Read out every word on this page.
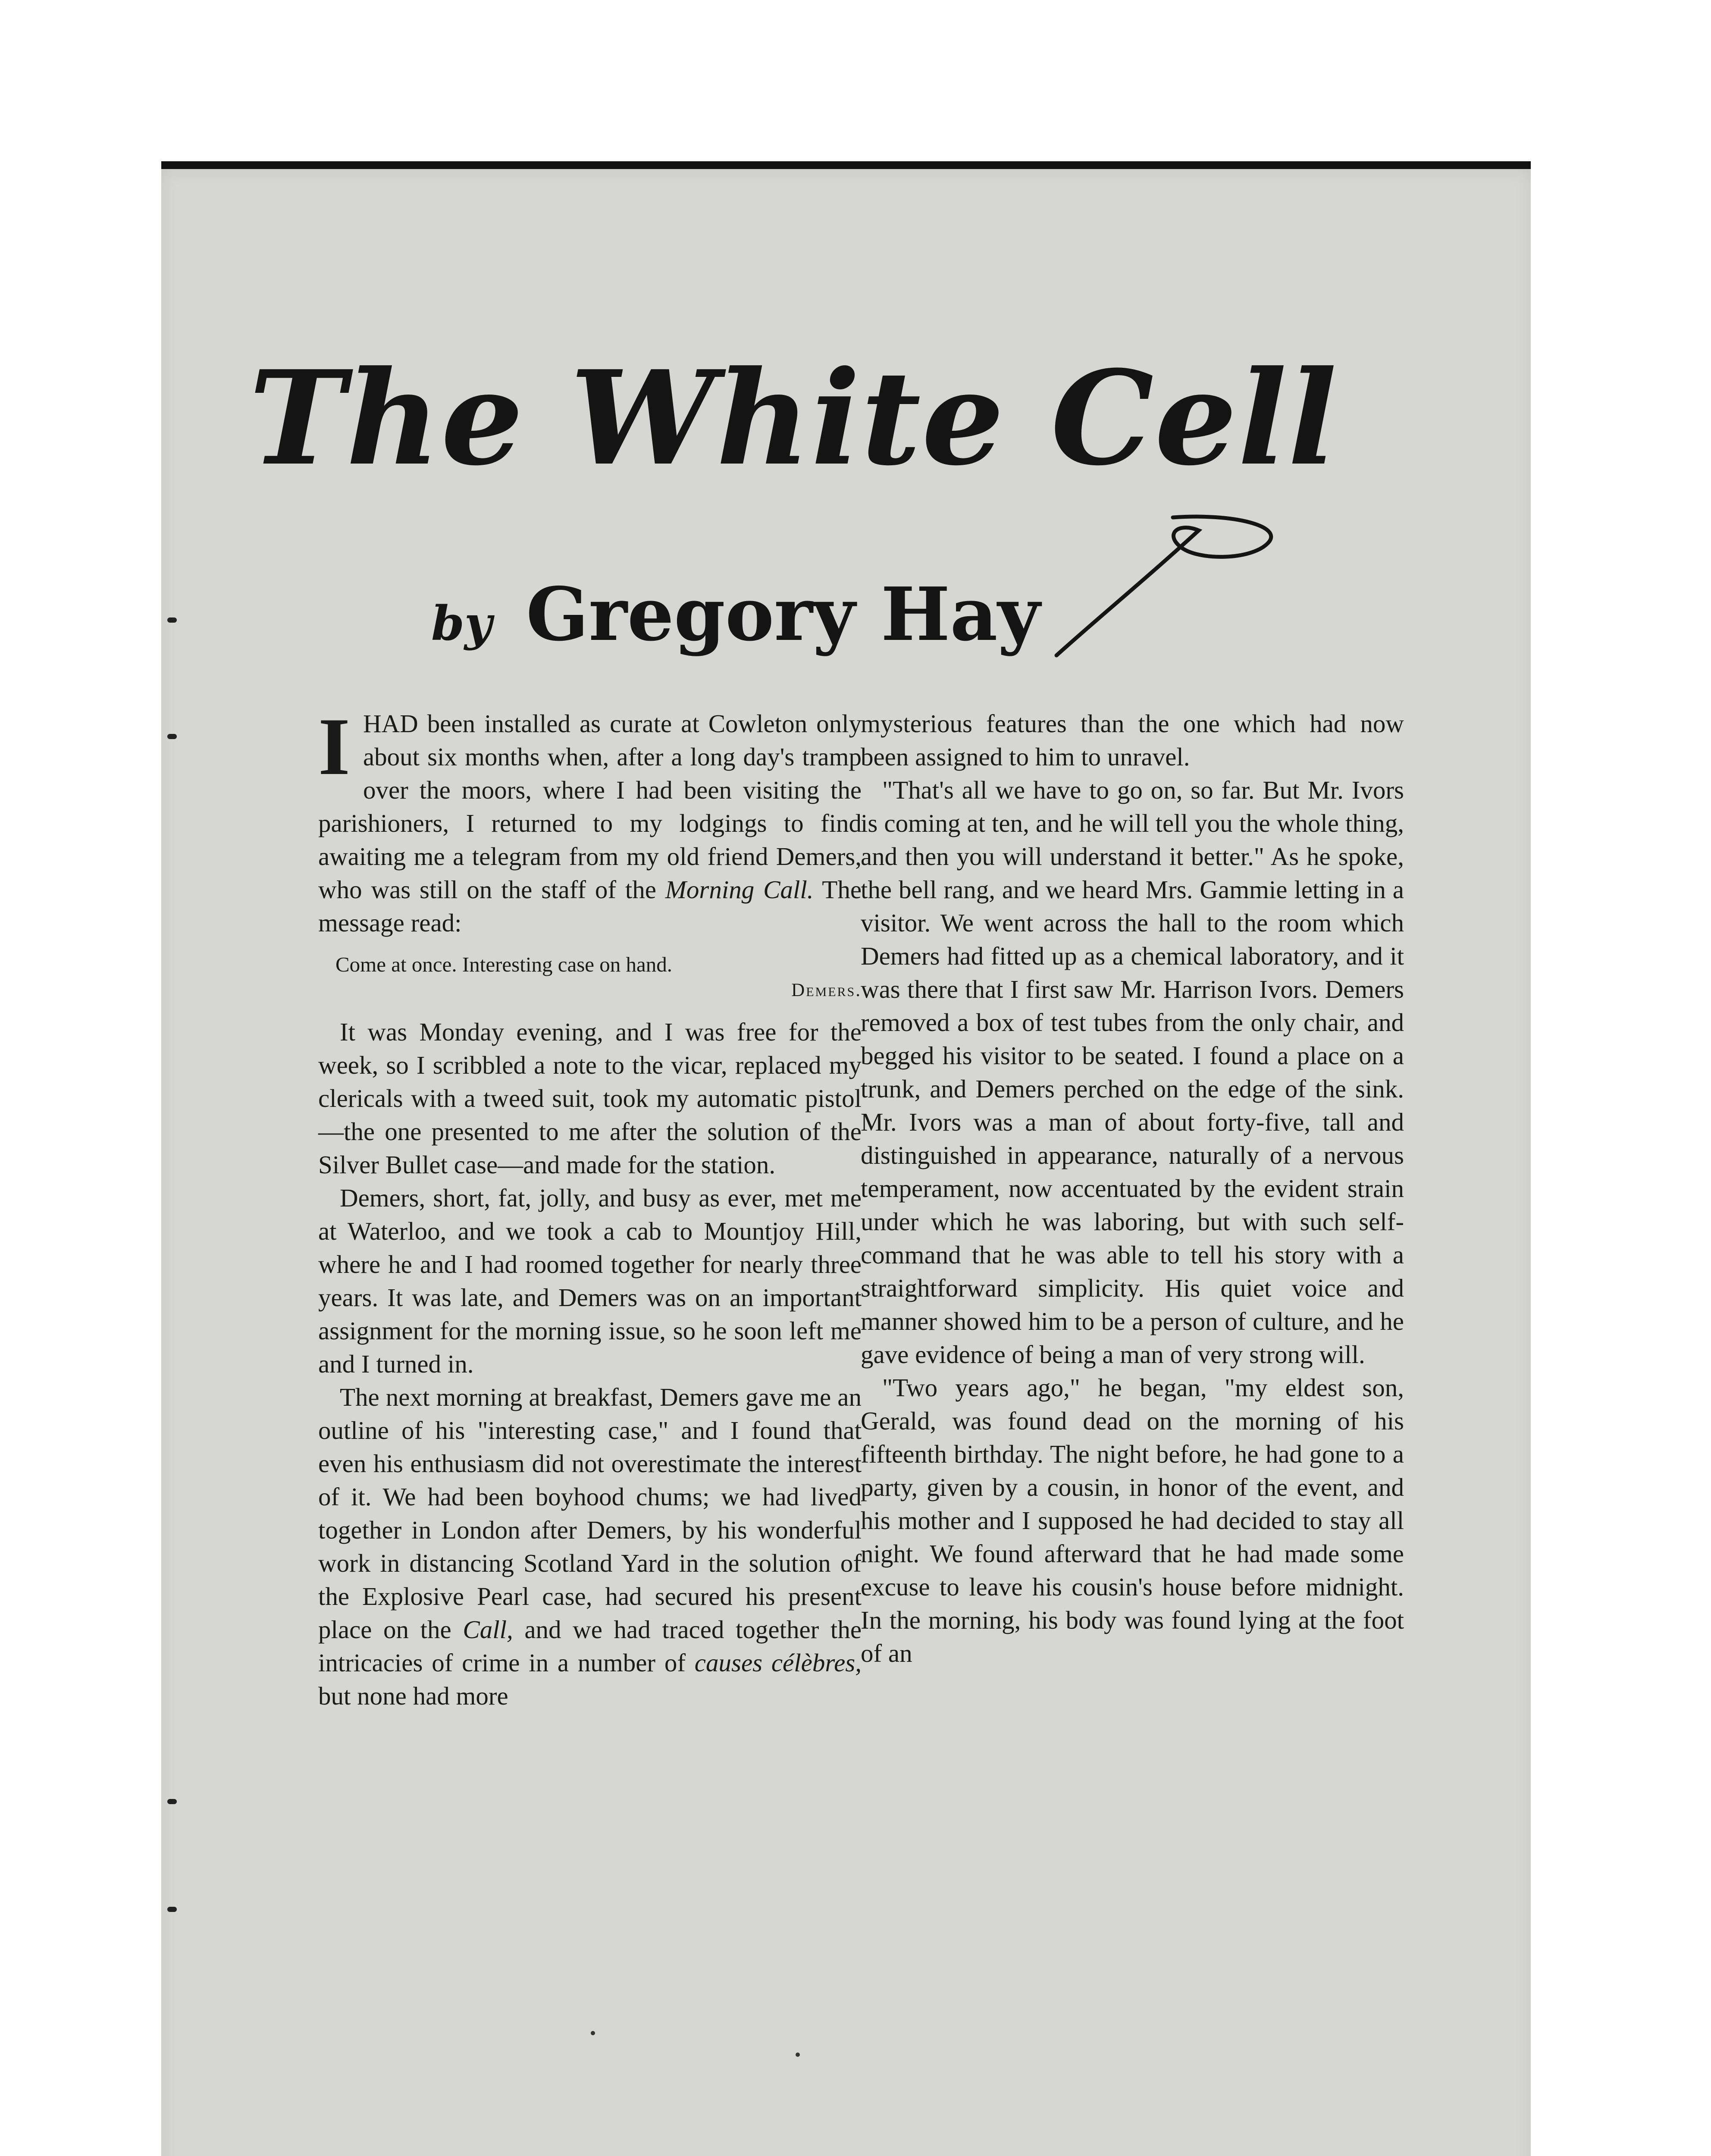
The White Cell
by Gregory Hay

IHAD been installed as curate at Cowleton only about six months when, after a long day's tramp over the moors, where I had been visiting the parishioners, I returned to my lodgings to find awaiting me a telegram from my old friend Demers, who was still on the staff of the Morning Call. The message read:

Come at once. Interesting case on hand.
Demers.

It was Monday evening, and I was free for the week, so I scribbled a note to the vicar, replaced my clericals with a tweed suit, took my automatic pistol —the one presented to me after the solution of the Silver Bullet case—and made for the station.

Demers, short, fat, jolly, and busy as ever, met me at Waterloo, and we took a cab to Mountjoy Hill, where he and I had roomed together for nearly three years. It was late, and Demers was on an important assignment for the morning issue, so he soon left me and I turned in.

The next morning at breakfast, Demers gave me an outline of his "interesting case," and I found that even his enthusiasm did not overestimate the interest of it. We had been boyhood chums; we had lived together in London after Demers, by his wonderful work in distancing Scotland Yard in the solution of the Explosive Pearl case, had secured his present place on the Call, and we had traced together the intricacies of crime in a number of causes célèbres, but none had more

mysterious features than the one which had now been assigned to him to unravel.

"That's all we have to go on, so far. But Mr. Ivors is coming at ten, and he will tell you the whole thing, and then you will understand it better." As he spoke, the bell rang, and we heard Mrs. Gammie letting in a visitor. We went across the hall to the room which Demers had fitted up as a chemical laboratory, and it was there that I first saw Mr. Harrison Ivors. Demers removed a box of test tubes from the only chair, and begged his visitor to be seated. I found a place on a trunk, and Demers perched on the edge of the sink. Mr. Ivors was a man of about forty-five, tall and distinguished in appearance, naturally of a nervous temperament, now accentuated by the evident strain under which he was laboring, but with such self-command that he was able to tell his story with a straightforward simplicity. His quiet voice and manner showed him to be a person of culture, and he gave evidence of being a man of very strong will.

"Two years ago," he began, "my eldest son, Gerald, was found dead on the morning of his fifteenth birthday. The night before, he had gone to a party, given by a cousin, in honor of the event, and his mother and I supposed he had decided to stay all night. We found afterward that he had made some excuse to leave his cousin's house before midnight. In the morning, his body was found lying at the foot of an
